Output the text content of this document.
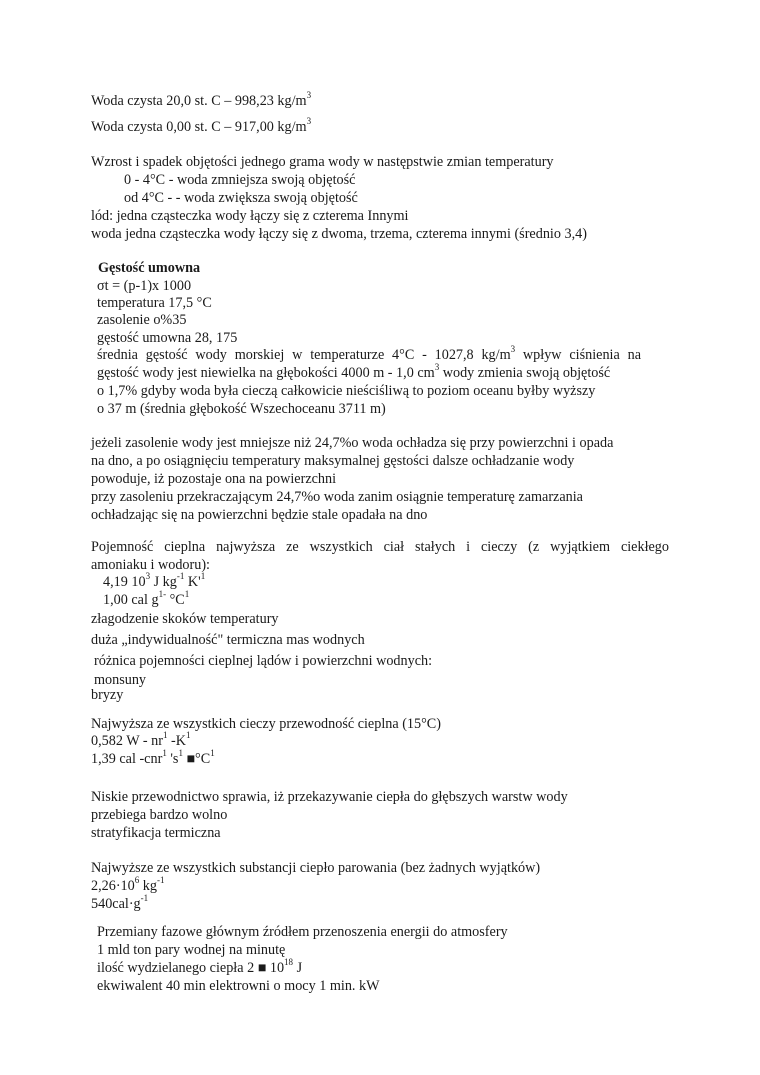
Woda czysta 20,0 st. C – 998,23 $kg/m^3$
Woda czysta 0,00 st. C – 917,00 $kg/m^3$
Wzrost i spadek objętości jednego grama wody w następstwie zmian temperatury
0 - 4°C - woda zmniejsza swoją objętość
od 4°C - - woda zwiększa swoją objętość
lód: jedna cząsteczka wody łączy się z czterema Innymi
woda jedna cząsteczka wody łączy się z dwoma, trzema, czterema innymi (średnio 3,4)
Gęstość umowna
σt = (p-1)x 1000
temperatura 17,5 °C
zasolenie o%35
gęstość umowna 28, 175
średnia gęstość wody morskiej w temperaturze 4°C - 1027,8 $kg/m^3$ wpływ ciśnienia na
gęstość wody jest niewielka na głębokości 4000 m - 1,0 $cm^3$ wody zmienia swoją objętość
o 1,7% gdyby woda była cieczą całkowicie nieściśliwą to poziom oceanu byłby wyższy
o 37 m (średnia głębokość Wszechoceanu 3711 m)
jeżeli zasolenie wody jest mniejsze niż 24,7%o woda ochładza się przy powierzchni i opada
na dno, a po osiągnięciu temperatury maksymalnej gęstości dalsze ochładzanie wody
powoduje, iż pozostaje ona na powierzchni
przy zasoleniu przekraczającym 24,7%o woda zanim osiągnie temperaturę zamarzania
ochładzając się na powierzchni będzie stale opadała na dno
Pojemność cieplna najwyższa ze wszystkich ciał stałych i cieczy (z wyjątkiem ciekłego
amoniaku i wodoru):
4,19 $10^3$ J $kg^{-1}$ $K'^1$
1,00 cal $g^{1-}$ $^\circ C^1$
złagodzenie skoków temperatury
duża „indywidualność" termiczna mas wodnych
różnica pojemności cieplnej lądów i powierzchni wodnych:
monsuny
bryzy
Najwyższa ze wszystkich cieczy przewodność cieplna (15°C)
0,582 W - $nr^1$ $-K^1$
1,39 cal -cnr$^1$ '$s^1$ $■^\circ C^1$
Niskie przewodnictwo sprawia, iż przekazywanie ciepła do głębszych warstw wody
przebiega bardzo wolno
stratyfikacja termiczna
Najwyższe ze wszystkich substancji ciepło parowania (bez żadnych wyjątków)
$2,26\cdot 10^6$ $kg^{-1}$
$540cal\cdot g^{-1}$
Przemiany fazowe głównym źródłem przenoszenia energii do atmosfery
1 mld ton pary wodnej na minutę
ilość wydzielanego ciepła 2 ■ $10^{18}$ J
ekwiwalent 40 min elektrowni o mocy 1 min. kW
